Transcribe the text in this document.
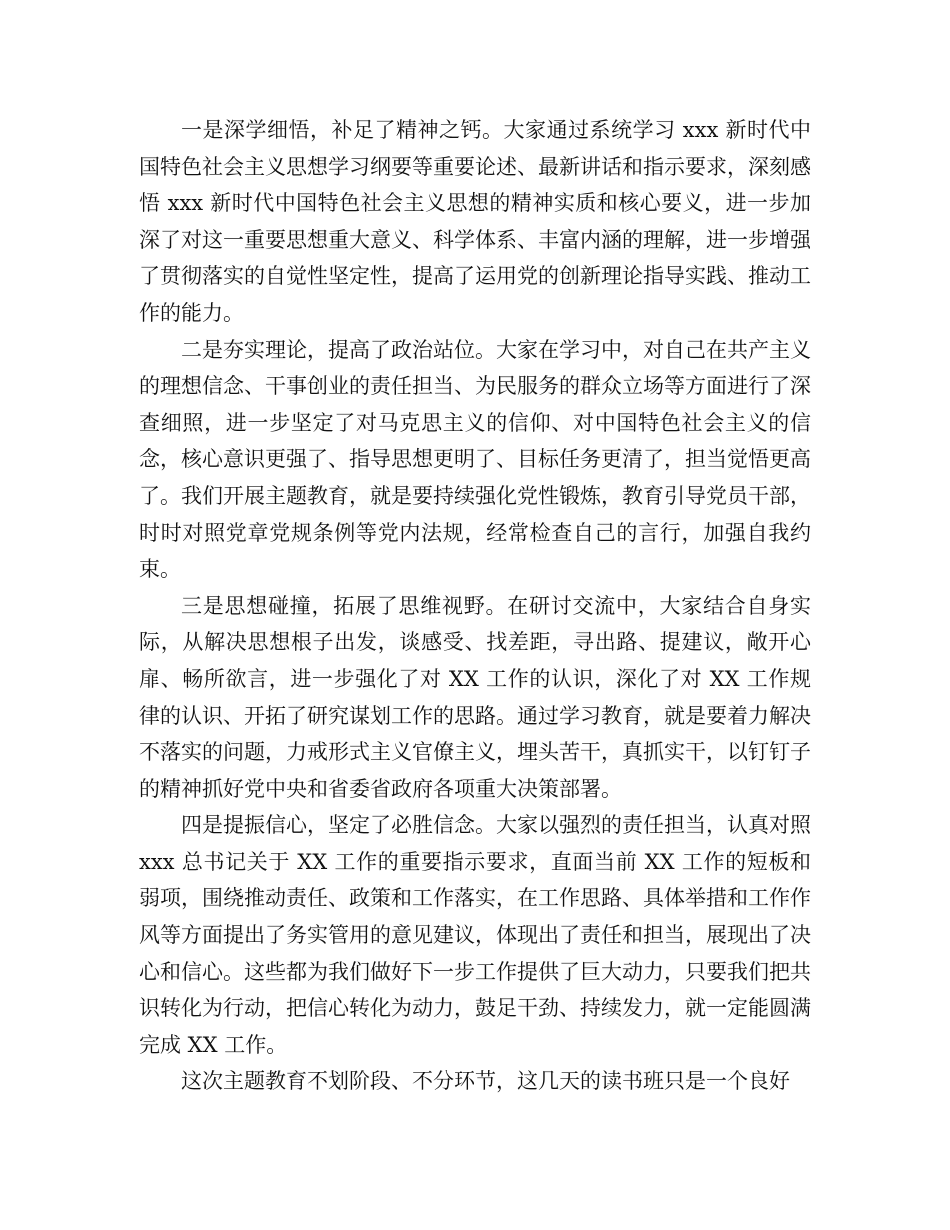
一是深学细悟，补足了精神之钙。大家通过系统学习 xxx 新时代中国特色社会主义思想学习纲要等重要论述、最新讲话和指示要求，深刻感悟 xxx 新时代中国特色社会主义思想的精神实质和核心要义，进一步加深了对这一重要思想重大意义、科学体系、丰富内涵的理解，进一步增强了贯彻落实的自觉性坚定性，提高了运用党的创新理论指导实践、推动工作的能力。

二是夯实理论，提高了政治站位。大家在学习中，对自己在共产主义的理想信念、干事创业的责任担当、为民服务的群众立场等方面进行了深查细照，进一步坚定了对马克思主义的信仰、对中国特色社会主义的信念，核心意识更强了、指导思想更明了、目标任务更清了，担当觉悟更高了。我们开展主题教育，就是要持续强化党性锻炼，教育引导党员干部，时时对照党章党规条例等党内法规，经常检查自己的言行，加强自我约束。

三是思想碰撞，拓展了思维视野。在研讨交流中，大家结合自身实际，从解决思想根子出发，谈感受、找差距，寻出路、提建议，敞开心扉、畅所欲言，进一步强化了对 XX 工作的认识，深化了对 XX 工作规律的认识、开拓了研究谋划工作的思路。通过学习教育，就是要着力解决不落实的问题，力戒形式主义官僚主义，埋头苦干，真抓实干，以钉钉子的精神抓好党中央和省委省政府各项重大决策部署。

四是提振信心，坚定了必胜信念。大家以强烈的责任担当，认真对照 xxx 总书记关于 XX 工作的重要指示要求，直面当前 XX 工作的短板和弱项，围绕推动责任、政策和工作落实，在工作思路、具体举措和工作作风等方面提出了务实管用的意见建议，体现出了责任和担当，展现出了决心和信心。这些都为我们做好下一步工作提供了巨大动力，只要我们把共识转化为行动，把信心转化为动力，鼓足干劲、持续发力，就一定能圆满完成 XX 工作。

这次主题教育不划阶段、不分环节，这几天的读书班只是一个良好
